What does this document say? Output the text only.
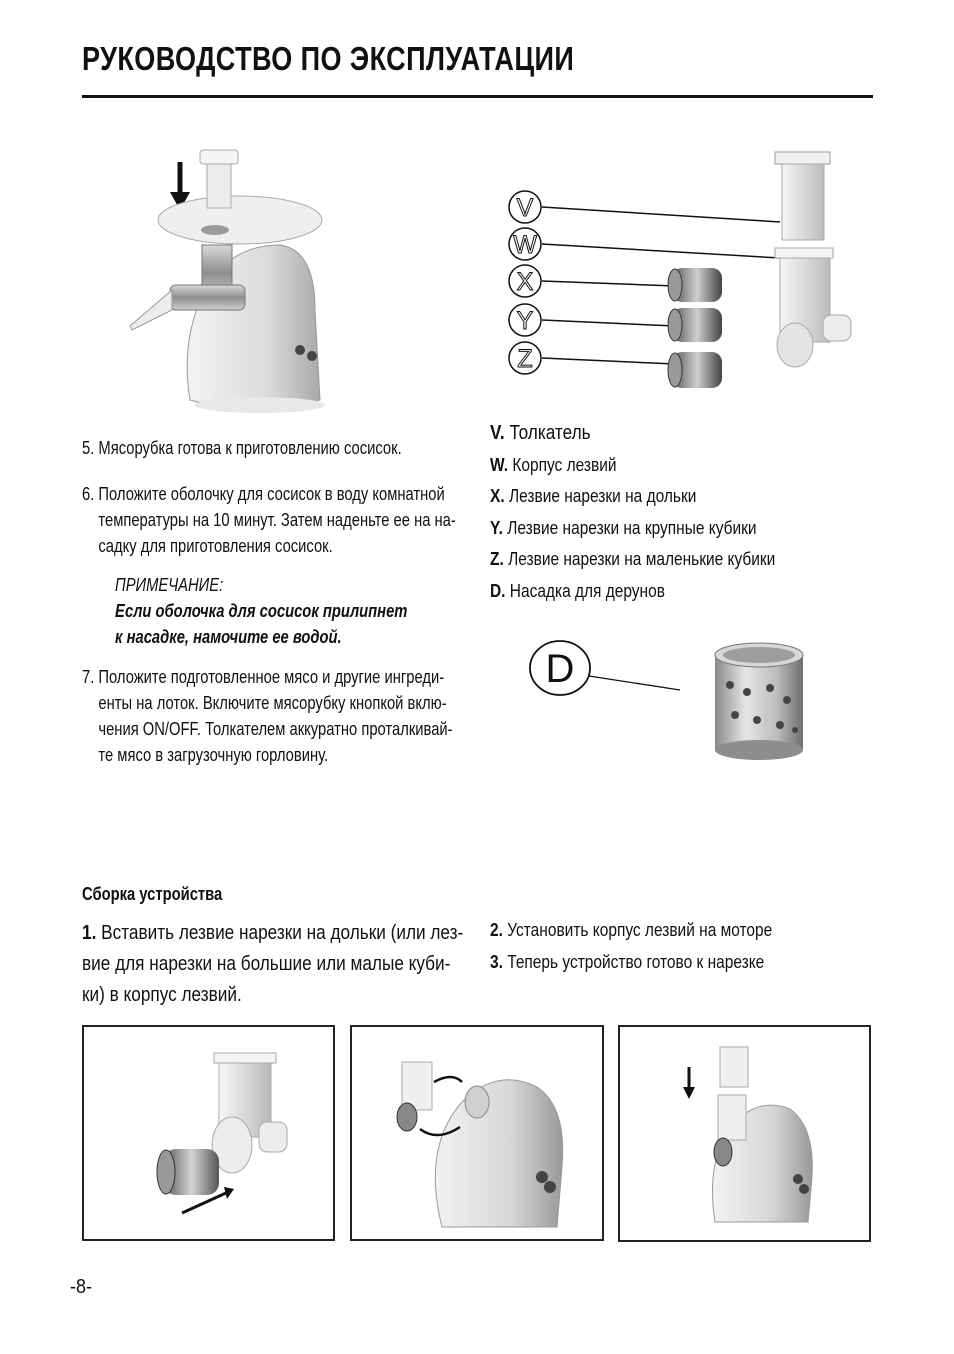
РУКОВОДСТВО ПО ЭКСПЛУАТАЦИИ
V
W
X
Y
Z
5. Мясорубка готова к приготовлению сосисок.
6. Положите оболочку для сосисок в воду комнатной
температуры на 10 минут. Затем наденьте ее на на-
садку для приготовления сосисок.
ПРИМЕЧАНИЕ:
Если оболочка для сосисок прилипнет
к насадке, намочите ее водой.
7. Положите подготовленное мясо и другие ингреди-
енты на лоток. Включите мясорубку кнопкой вклю-
чения ON/OFF. Толкателем аккуратно проталкивай-
те мясо в загрузочную горловину.
V. Толкатель
W. Корпус лезвий
X. Лезвие нарезки на дольки
Y. Лезвие нарезки на крупные кубики
Z. Лезвие нарезки на маленькие кубики
D. Насадка для дерунов
D
Сборка устройства
1. Вставить лезвие нарезки на дольки (или лез-
вие для нарезки на большие или малые куби-
ки) в корпус лезвий.
2. Установить корпус лезвий на моторе
3. Теперь устройство готово к нарезке
-8-
